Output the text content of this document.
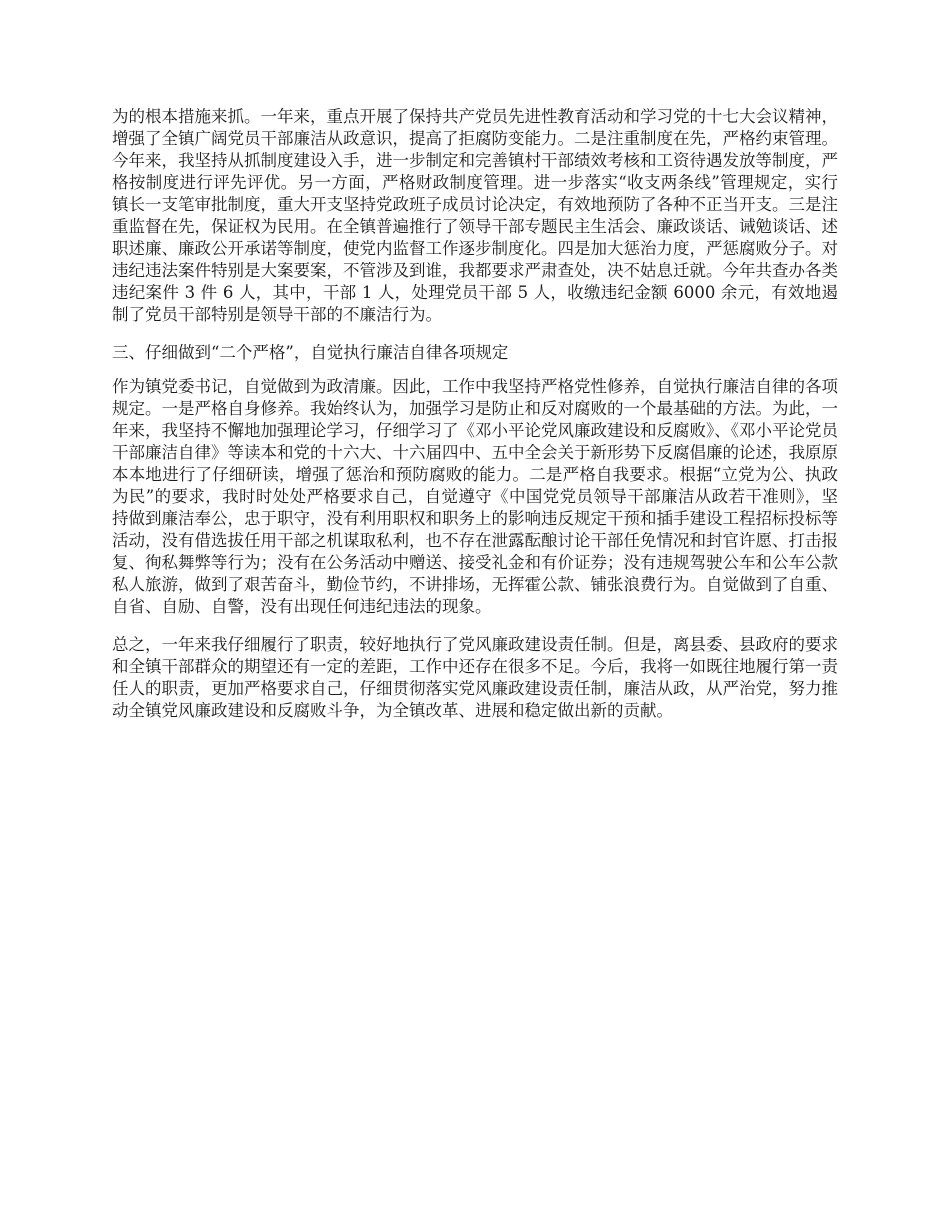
为的根本措施来抓。一年来，重点开展了保持共产党员先进性教育活动和学习党的十七大会议精神，增强了全镇广阔党员干部廉洁从政意识，提高了拒腐防变能力。二是注重制度在先，严格约束管理。今年来，我坚持从抓制度建设入手，进一步制定和完善镇村干部绩效考核和工资待遇发放等制度，严格按制度进行评先评优。另一方面，严格财政制度管理。进一步落实“收支两条线”管理规定，实行镇长一支笔审批制度，重大开支坚持党政班子成员讨论决定，有效地预防了各种不正当开支。三是注重监督在先，保证权为民用。在全镇普遍推行了领导干部专题民主生活会、廉政谈话、诫勉谈话、述职述廉、廉政公开承诺等制度，使党内监督工作逐步制度化。四是加大惩治力度，严惩腐败分子。对违纪违法案件特别是大案要案，不管涉及到谁，我都要求严肃查处，决不姑息迁就。今年共查办各类违纪案件 3 件 6 人，其中，干部 1 人，处理党员干部 5 人，收缴违纪金额 6000 余元，有效地遏制了党员干部特别是领导干部的不廉洁行为。

三、仔细做到“二个严格”，自觉执行廉洁自律各项规定

作为镇党委书记，自觉做到为政清廉。因此，工作中我坚持严格党性修养，自觉执行廉洁自律的各项规定。一是严格自身修养。我始终认为，加强学习是防止和反对腐败的一个最基础的方法。为此，一年来，我坚持不懈地加强理论学习，仔细学习了《邓小平论党风廉政建设和反腐败》、《邓小平论党员干部廉洁自律》等读本和党的十六大、十六届四中、五中全会关于新形势下反腐倡廉的论述，我原原本本地进行了仔细研读，增强了惩治和预防腐败的能力。二是严格自我要求。根据“立党为公、执政为民”的要求，我时时处处严格要求自己，自觉遵守《中国党党员领导干部廉洁从政若干准则》，坚持做到廉洁奉公，忠于职守，没有利用职权和职务上的影响违反规定干预和插手建设工程招标投标等活动，没有借选拔任用干部之机谋取私利，也不存在泄露酝酿讨论干部任免情况和封官许愿、打击报复、徇私舞弊等行为；没有在公务活动中赠送、接受礼金和有价证券；没有违规驾驶公车和公车公款私人旅游，做到了艰苦奋斗，勤俭节约，不讲排场，无挥霍公款、铺张浪费行为。自觉做到了自重、自省、自励、自警，没有出现任何违纪违法的现象。

总之，一年来我仔细履行了职责，较好地执行了党风廉政建设责任制。但是，离县委、县政府的要求和全镇干部群众的期望还有一定的差距，工作中还存在很多不足。今后，我将一如既往地履行第一责任人的职责，更加严格要求自己，仔细贯彻落实党风廉政建设责任制，廉洁从政，从严治党，努力推动全镇党风廉政建设和反腐败斗争，为全镇改革、进展和稳定做出新的贡献。
